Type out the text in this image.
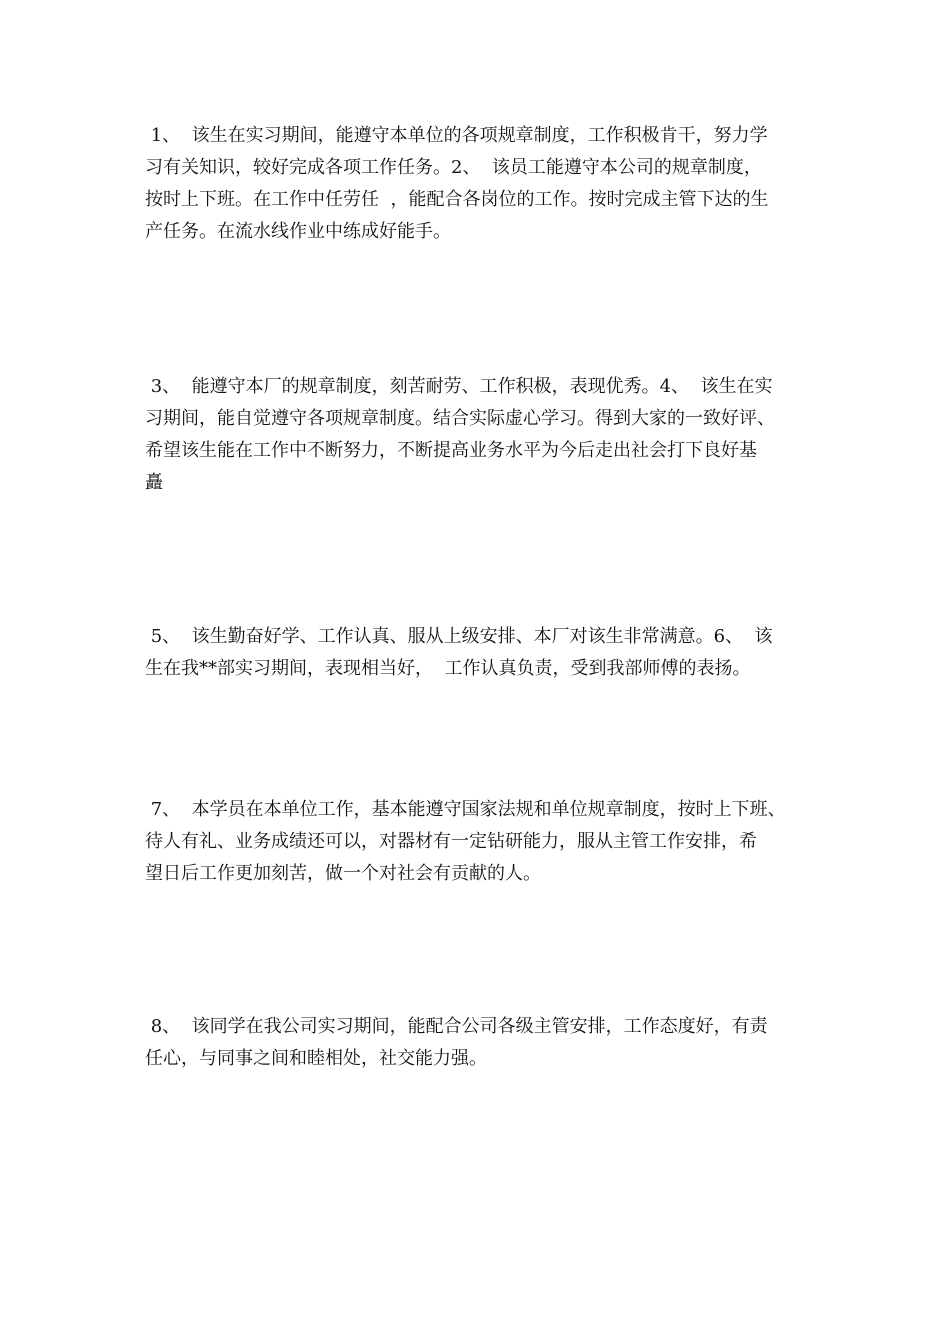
1、  该生在实习期间，能遵守本单位的各项规章制度，工作积极肯干，努力学
习有关知识，较好完成各项工作任务。2、  该员工能遵守本公司的规章制度，
按时上下班。在工作中任劳任  ，能配合各岗位的工作。按时完成主管下达的生
产任务。在流水线作业中练成好能手。
3、  能遵守本厂的规章制度，刻苦耐劳、工作积极，表现优秀。4、  该生在实
习期间，能自觉遵守各项规章制度。结合实际虚心学习。得到大家的一致好评、
希望该生能在工作中不断努力，不断提高业务水平为今后走出社会打下良好基
矗
5、  该生勤奋好学、工作认真、服从上级安排、本厂对该生非常满意。6、  该
生在我**部实习期间，表现相当好，  工作认真负责，受到我部师傅的表扬。
7、  本学员在本单位工作，基本能遵守国家法规和单位规章制度，按时上下班、
待人有礼、业务成绩还可以，对器材有一定钻研能力，服从主管工作安排，希
望日后工作更加刻苦，做一个对社会有贡献的人。
8、  该同学在我公司实习期间，能配合公司各级主管安排，工作态度好，有责
任心，与同事之间和睦相处，社交能力强。
